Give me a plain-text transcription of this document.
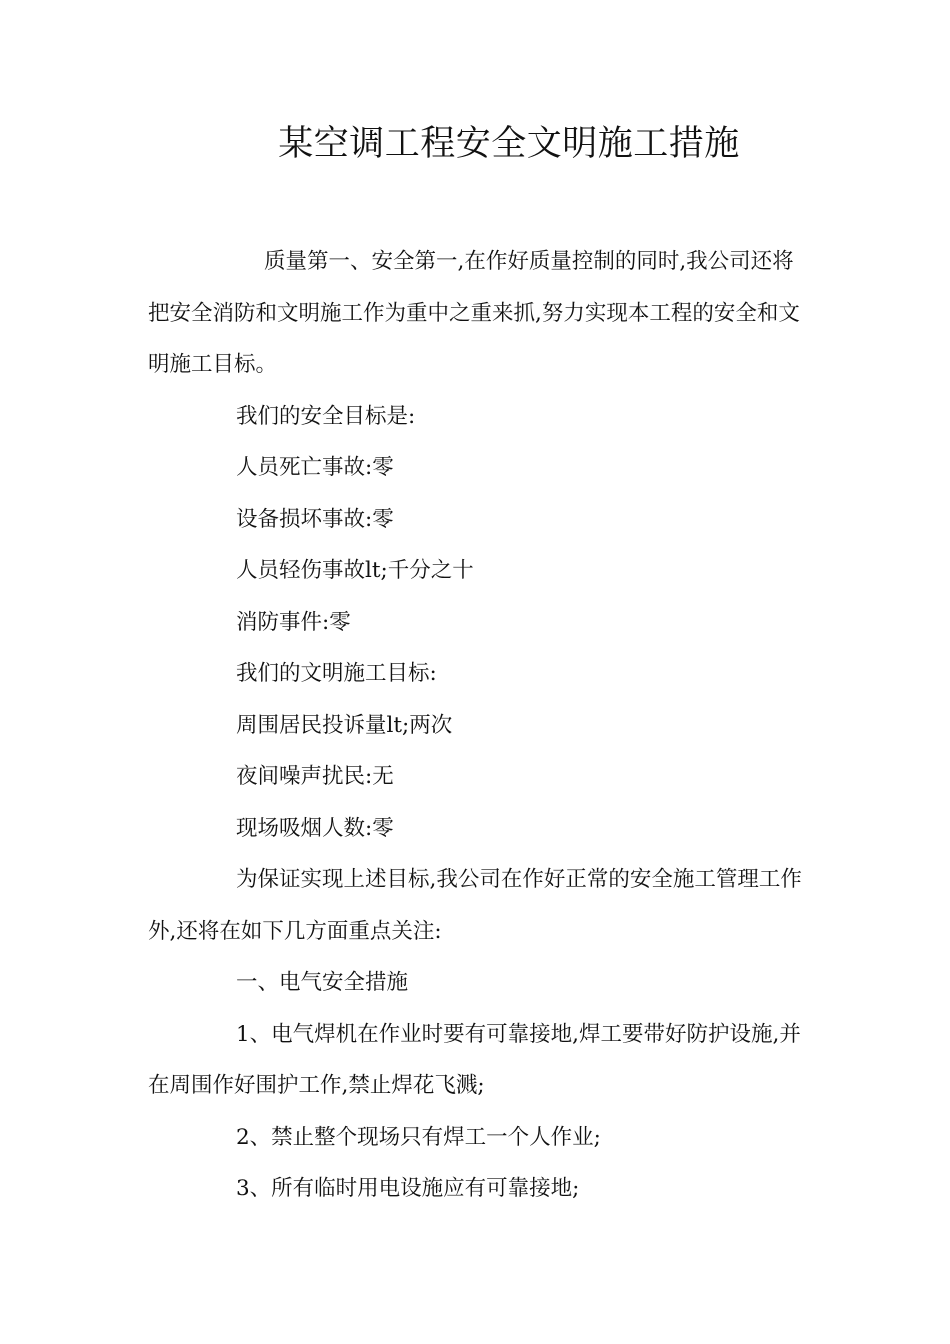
某空调工程安全文明施工措施

质量第一、安全第一,在作好质量控制的同时,我公司还将把安全消防和文明施工作为重中之重来抓,努力实现本工程的安全和文明施工目标。

我们的安全目标是:

人员死亡事故:零

设备损坏事故:零

人员轻伤事故lt;千分之十

消防事件:零

我们的文明施工目标:

周围居民投诉量lt;两次

夜间噪声扰民:无

现场吸烟人数:零

为保证实现上述目标,我公司在作好正常的安全施工管理工作外,还将在如下几方面重点关注:

一、电气安全措施

1、电气焊机在作业时要有可靠接地,焊工要带好防护设施,并在周围作好围护工作,禁止焊花飞溅;

2、禁止整个现场只有焊工一个人作业;

3、所有临时用电设施应有可靠接地;
